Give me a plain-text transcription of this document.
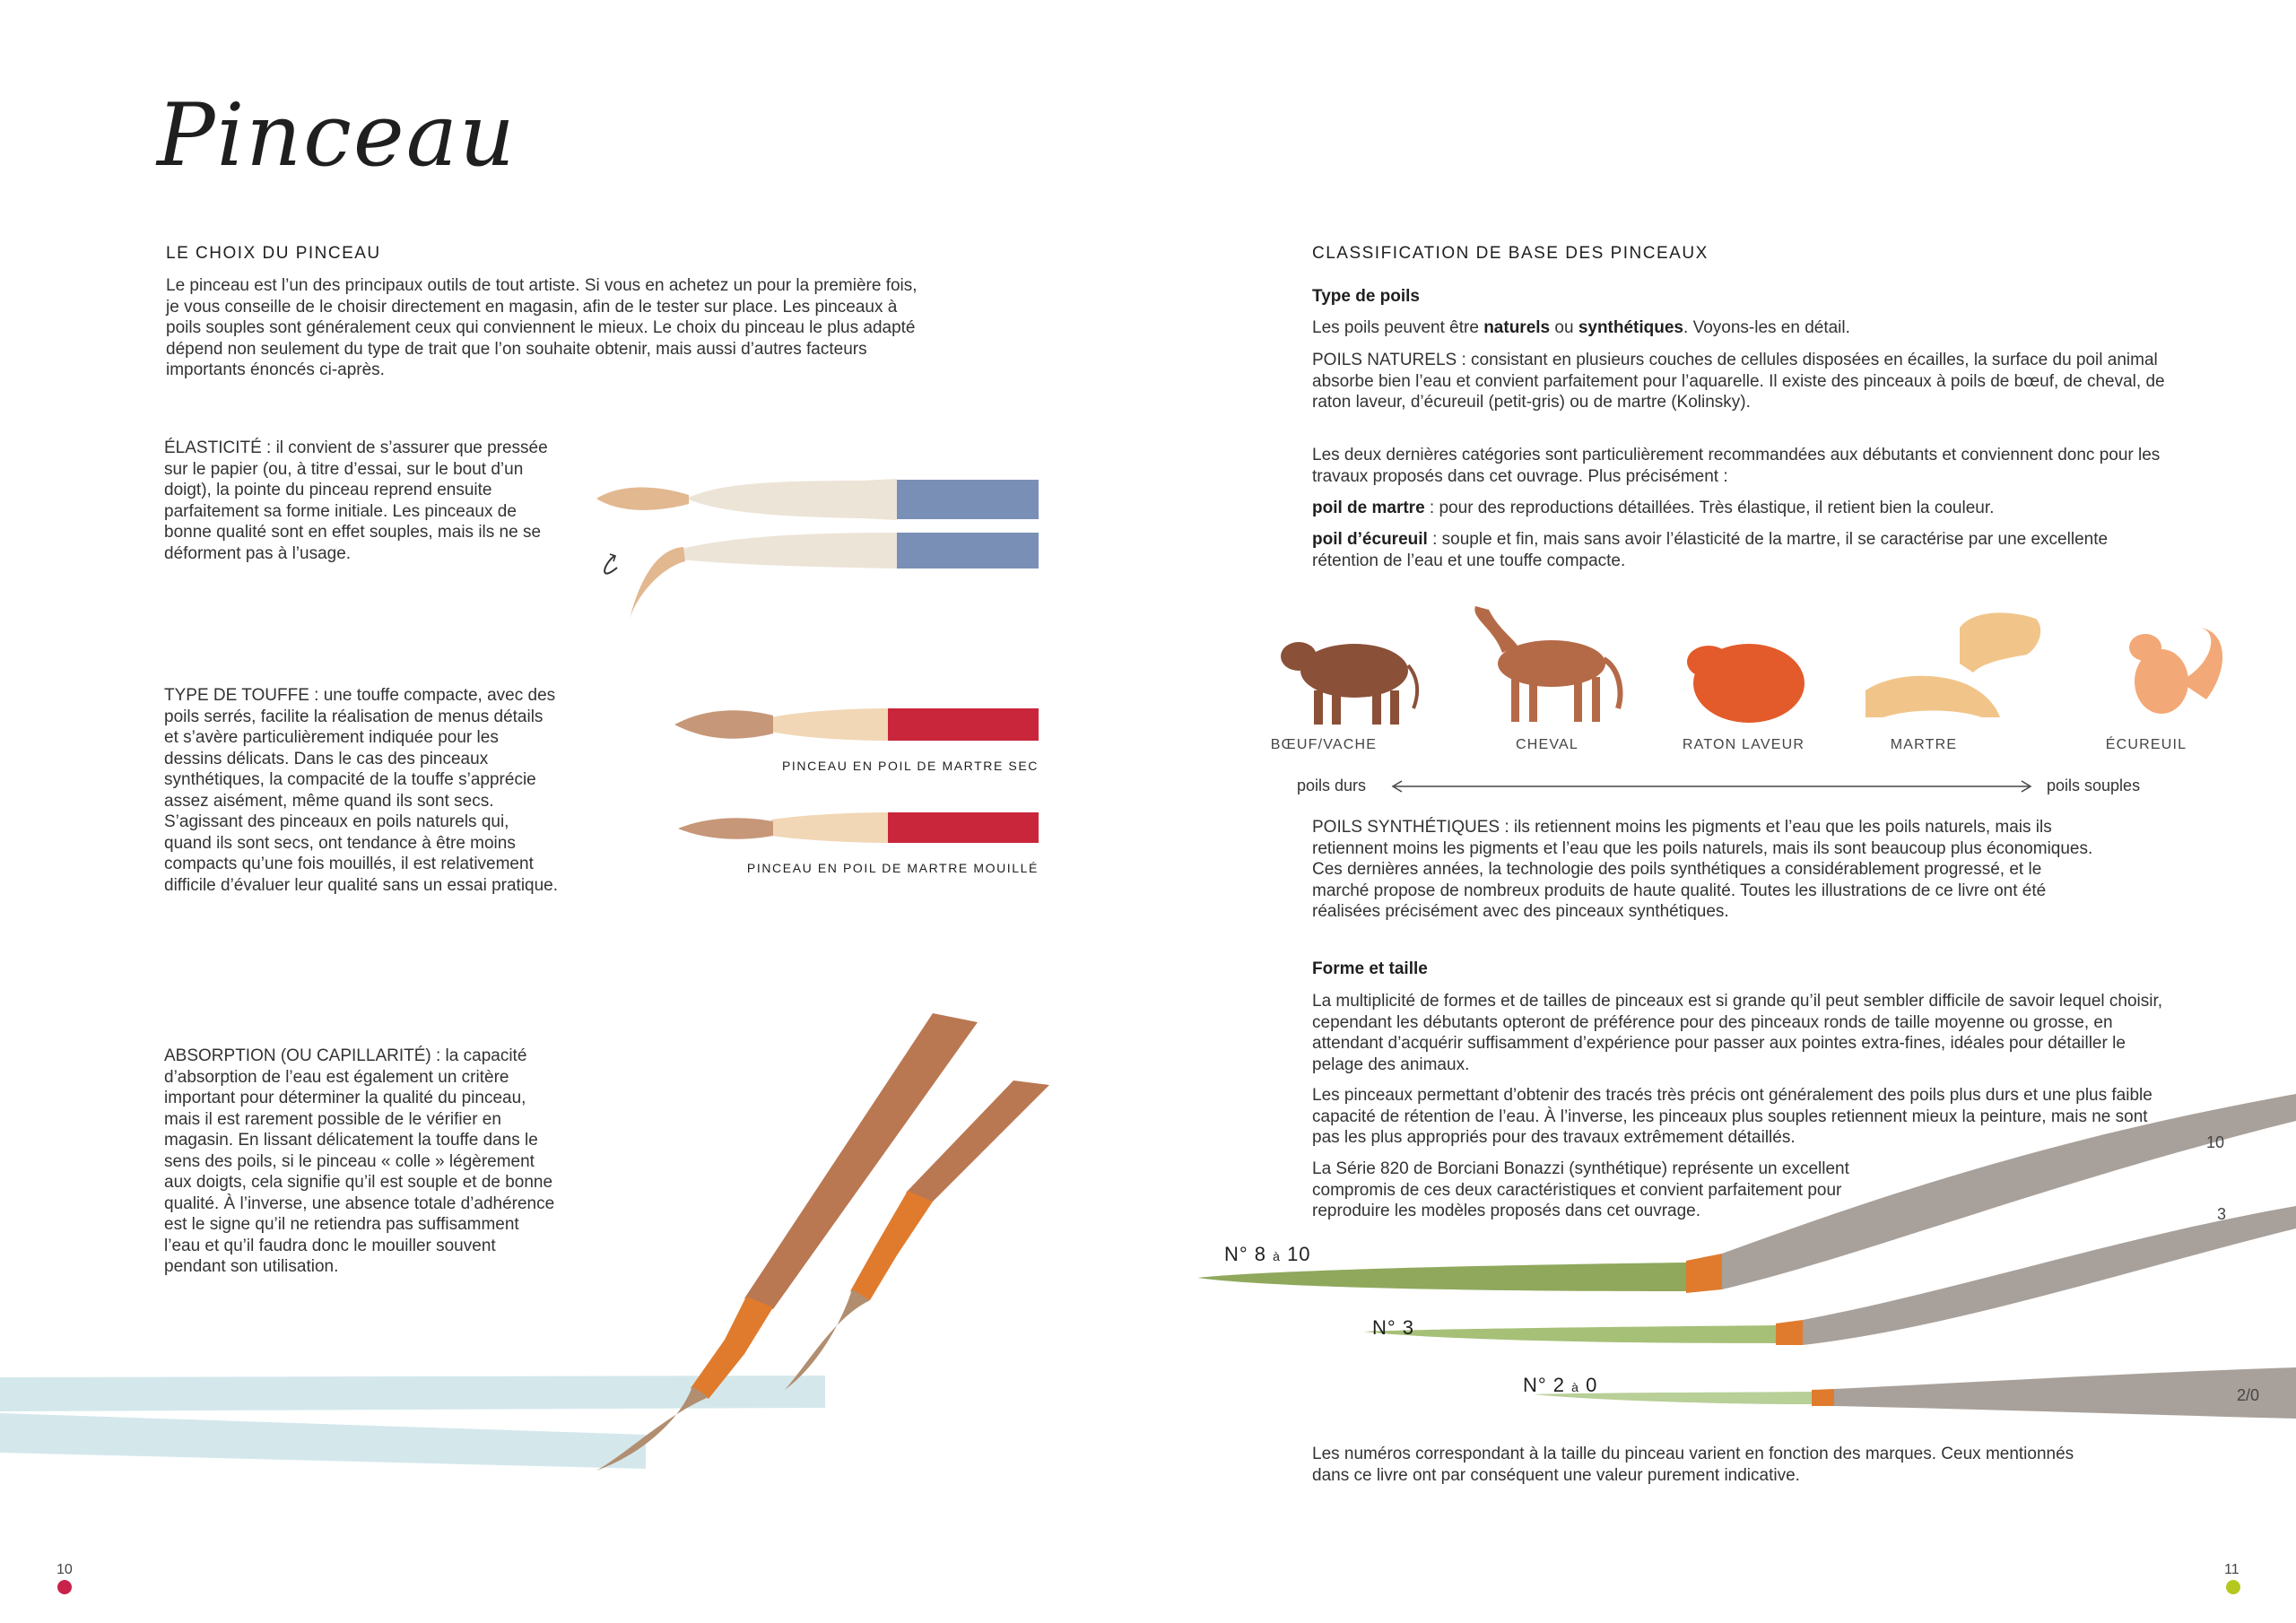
Pinceau
LE CHOIX DU PINCEAU

Le pinceau est l’un des principaux outils de tout artiste. Si vous en achetez un pour la première fois, je vous conseille de le choisir directement en magasin, afin de le tester sur place. Les pinceaux à poils souples sont généralement ceux qui conviennent le mieux. Le choix du pinceau le plus adapté dépend non seulement du type de trait que l’on souhaite obtenir, mais aussi d’autres facteurs importants énoncés ci-après.

ÉLASTICITÉ : il convient de s’assurer que pressée sur le papier (ou, à titre d’essai, sur le bout d’un doigt), la pointe du pinceau reprend ensuite parfaitement sa forme initiale. Les pinceaux de bonne qualité sont en effet souples, mais ils ne se déforment pas à l’usage.

TYPE DE TOUFFE : une touffe compacte, avec des poils serrés, facilite la réalisation de menus détails et s’avère particulièrement indiquée pour les dessins délicats. Dans le cas des pinceaux synthétiques, la compacité de la touffe s’apprécie assez aisément, même quand ils sont secs. S’agissant des pinceaux en poils naturels qui, quand ils sont secs, ont tendance à être moins compacts qu’une fois mouillés, il est relativement difficile d’évaluer leur qualité sans un essai pratique.

PINCEAU EN POIL DE MARTRE SEC
PINCEAU EN POIL DE MARTRE MOUILLÉ

ABSORPTION (OU CAPILLARITÉ) : la capacité d’absorption de l’eau est également un critère important pour déterminer la qualité du pinceau, mais il est rarement possible de le vérifier en magasin. En lissant délicatement la touffe dans le sens des poils, si le pinceau « colle » légèrement aux doigts, cela signifie qu’il est souple et de bonne qualité. À l’inverse, une absence totale d’adhérence est le signe qu’il ne retiendra pas suffisamment l’eau et qu’il faudra donc le mouiller souvent pendant son utilisation.

10
CLASSIFICATION DE BASE DES PINCEAUX
Type de poils

Les poils peuvent être naturels ou synthétiques. Voyons-les en détail.

POILS NATURELS : consistant en plusieurs couches de cellules disposées en écailles, la surface du poil animal absorbe bien l’eau et convient parfaitement pour l’aquarelle. Il existe des pinceaux à poils de bœuf, de cheval, de raton laveur, d’écureuil (petit-gris) ou de martre (Kolinsky).

Les deux dernières catégories sont particulièrement recommandées aux débutants et conviennent donc pour les travaux proposés dans cet ouvrage. Plus précisément :

poil de martre : pour des reproductions détaillées. Très élastique, il retient bien la couleur.

poil d’écureuil : souple et fin, mais sans avoir l’élasticité de la martre, il se caractérise par une excellente rétention de l’eau et une touffe compacte.

BŒUF/VACHE	CHEVAL	RATON LAVEUR	MARTRE	ÉCUREUIL
poils durs	poils souples

POILS SYNTHÉTIQUES : ils retiennent moins les pigments et l’eau que les poils naturels, mais ils retiennent moins les pigments et l’eau que les poils naturels, mais ils sont beaucoup plus économiques. Ces dernières années, la technologie des poils synthétiques a considérablement progressé, et le marché propose de nombreux produits de haute qualité. Toutes les illustrations de ce livre ont été réalisées précisément avec des pinceaux synthétiques.

Forme et taille

La multiplicité de formes et de tailles de pinceaux est si grande qu’il peut sembler difficile de savoir lequel choisir, cependant les débutants opteront de préférence pour des pinceaux ronds de taille moyenne ou grosse, en attendant d’acquérir suffisamment d’expérience pour passer aux pointes extra-fines, idéales pour détailler le pelage des animaux.

Les pinceaux permettant d’obtenir des tracés très précis ont généralement des poils plus durs et une plus faible capacité de rétention de l’eau. À l’inverse, les pinceaux plus souples retiennent mieux la peinture, mais ne sont pas les plus appropriés pour des travaux extrêmement détaillés.

La Série 820 de Borciani Bonazzi (synthétique) représente un excellent compromis de ces deux caractéristiques et convient parfaitement pour reproduire les modèles proposés dans cet ouvrage.

10
3
2/0
N° 8 à 10
N° 3
N° 2 à 0

Les numéros correspondant à la taille du pinceau varient en fonction des marques. Ceux mentionnés dans ce livre ont par conséquent une valeur purement indicative.

11
